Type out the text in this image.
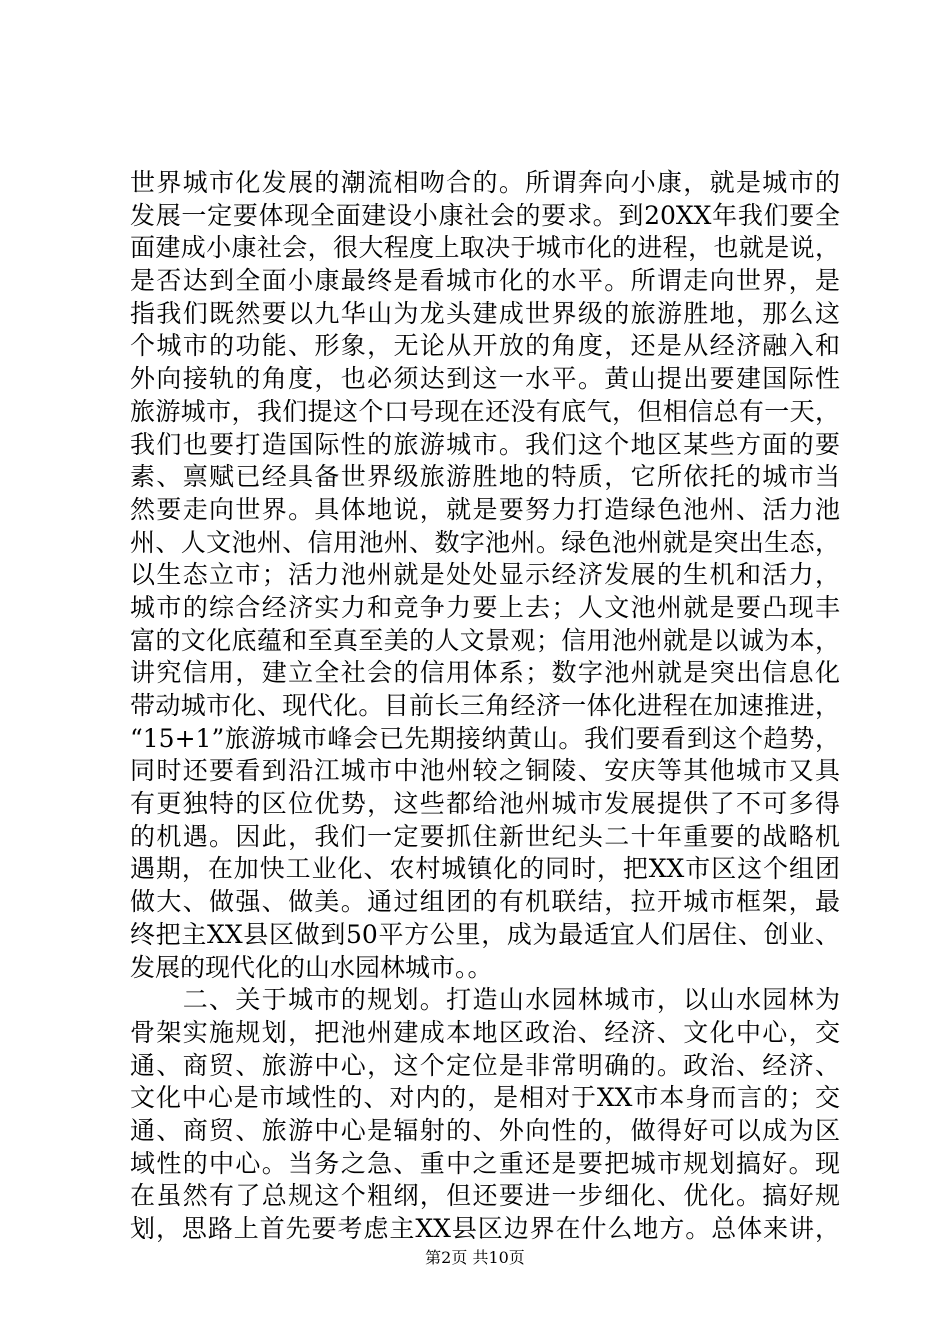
世界城市化发展的潮流相吻合的。所谓奔向小康，就是城市的
发展一定要体现全面建设小康社会的要求。到20XX年我们要全
面建成小康社会，很大程度上取决于城市化的进程，也就是说，
是否达到全面小康最终是看城市化的水平。所谓走向世界，是
指我们既然要以九华山为龙头建成世界级的旅游胜地，那么这
个城市的功能、形象，无论从开放的角度，还是从经济融入和
外向接轨的角度，也必须达到这一水平。黄山提出要建国际性
旅游城市，我们提这个口号现在还没有底气，但相信总有一天，
我们也要打造国际性的旅游城市。我们这个地区某些方面的要
素、禀赋已经具备世界级旅游胜地的特质，它所依托的城市当
然要走向世界。具体地说，就是要努力打造绿色池州、活力池
州、人文池州、信用池州、数字池州。绿色池州就是突出生态，
以生态立市；活力池州就是处处显示经济发展的生机和活力，
城市的综合经济实力和竞争力要上去；人文池州就是要凸现丰
富的文化底蕴和至真至美的人文景观；信用池州就是以诚为本，
讲究信用，建立全社会的信用体系；数字池州就是突出信息化
带动城市化、现代化。目前长三角经济一体化进程在加速推进，
“15+1”旅游城市峰会已先期接纳黄山。我们要看到这个趋势，
同时还要看到沿江城市中池州较之铜陵、安庆等其他城市又具
有更独特的区位优势，这些都给池州城市发展提供了不可多得
的机遇。因此，我们一定要抓住新世纪头二十年重要的战略机
遇期，在加快工业化、农村城镇化的同时，把XX市区这个组团
做大、做强、做美。通过组团的有机联结，拉开城市框架，最
终把主XX县区做到50平方公里，成为最适宜人们居住、创业、
发展的现代化的山水园林城市。。
　　二、关于城市的规划。打造山水园林城市，以山水园林为
骨架实施规划，把池州建成本地区政治、经济、文化中心，交
通、商贸、旅游中心，这个定位是非常明确的。政治、经济、
文化中心是市域性的、对内的，是相对于XX市本身而言的；交
通、商贸、旅游中心是辐射的、外向性的，做得好可以成为区
域性的中心。当务之急、重中之重还是要把城市规划搞好。现
在虽然有了总规这个粗纲，但还要进一步细化、优化。搞好规
划，思路上首先要考虑主XX县区边界在什么地方。总体来讲，
第2页 共10页
